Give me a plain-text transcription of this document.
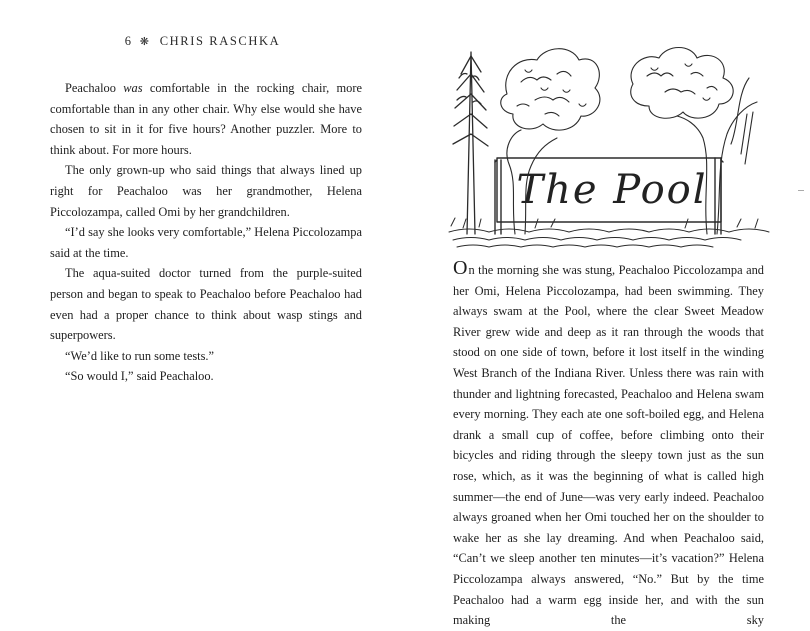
6 ❋ CHRIS RASCHKA

Peachaloo was comfortable in the rocking chair, more comfortable than in any other chair. Why else would she have chosen to sit in it for five hours? Another puzzler. More to think about. For more hours.

The only grown-up who said things that always lined up right for Peachaloo was her grandmother, Helena Piccolozampa, called Omi by her grandchildren.

“I’d say she looks very comfortable,” Helena Piccolozampa said at the time.

The aqua-suited doctor turned from the purple-suited person and began to speak to Peachaloo before Peachaloo had even had a proper chance to think about wasp stings and superpowers.

“We’d like to run some tests.”

“So would I,” said Peachaloo.

The Pool
On the morning she was stung, Peachaloo Piccolozampa and her Omi, Helena Piccolozampa, had been swimming. They always swam at the Pool, where the clear Sweet Meadow River grew wide and deep as it ran through the woods that stood on one side of town, before it lost itself in the winding West Branch of the Indiana River. Unless there was rain with thunder and lightning forecasted, Peachaloo and Helena swam every morning. They each ate one soft-boiled egg, and Helena drank a small cup of coffee, before climbing onto their bicycles and riding through the sleepy town just as the sun rose, which, as it was the beginning of what is called high summer—the end of June—was very early indeed. Peachaloo always groaned when her Omi touched her on the shoulder to wake her as she lay dreaming. And when Peachaloo said, “Can’t we sleep another ten minutes—it’s vacation?” Helena Piccolozampa always answered, “No.” But by the time Peachaloo had a warm egg inside her, and with the sun making the sky
